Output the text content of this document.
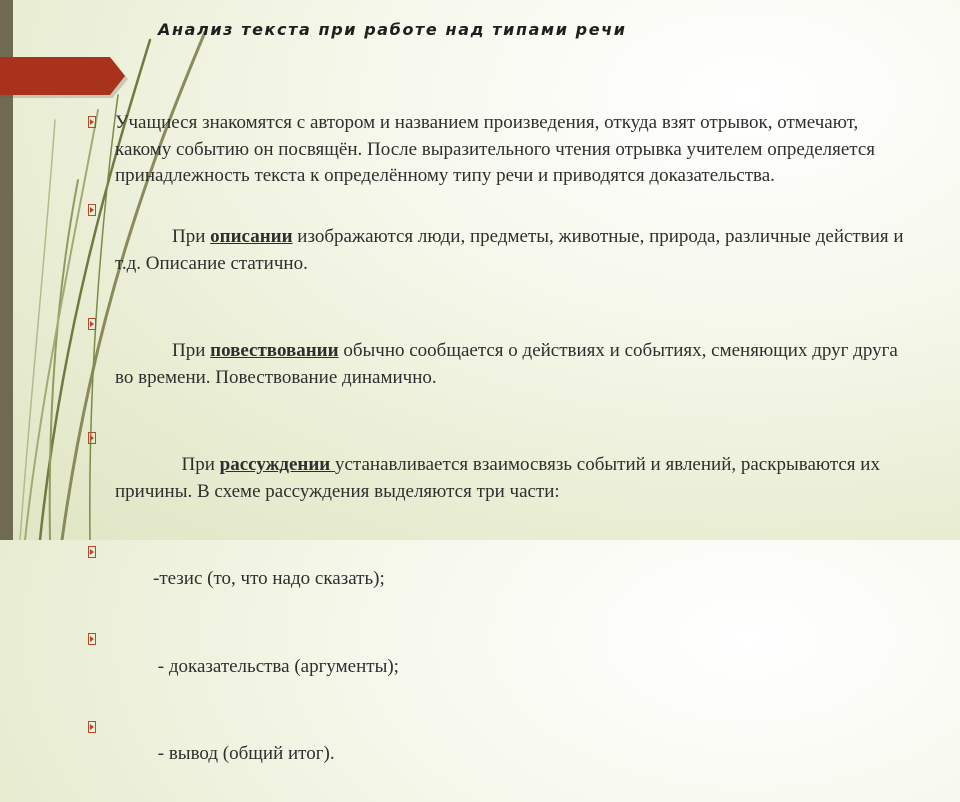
Анализ текста при работе над типами речи
Учащиеся знакомятся с автором и названием произведения, откуда взят отрывок, отмечают, какому событию он посвящён. После выразительного чтения отрывка учителем определяется принадлежность текста к определённому типу речи и приводятся доказательства.

При описании изображаются люди, предметы, животные, природа, различные действия и т.д. Описание статично.

При повествовании обычно сообщается о действиях и событиях, сменяющих друг друга во времени. Повествование динамично.

При рассуждении устанавливается взаимосвязь событий и явлений, раскрываются их причины. В схеме рассуждения выделяются три части:

-тезис (то, что надо сказать);

- доказательства (аргументы);

- вывод (общий итог).
